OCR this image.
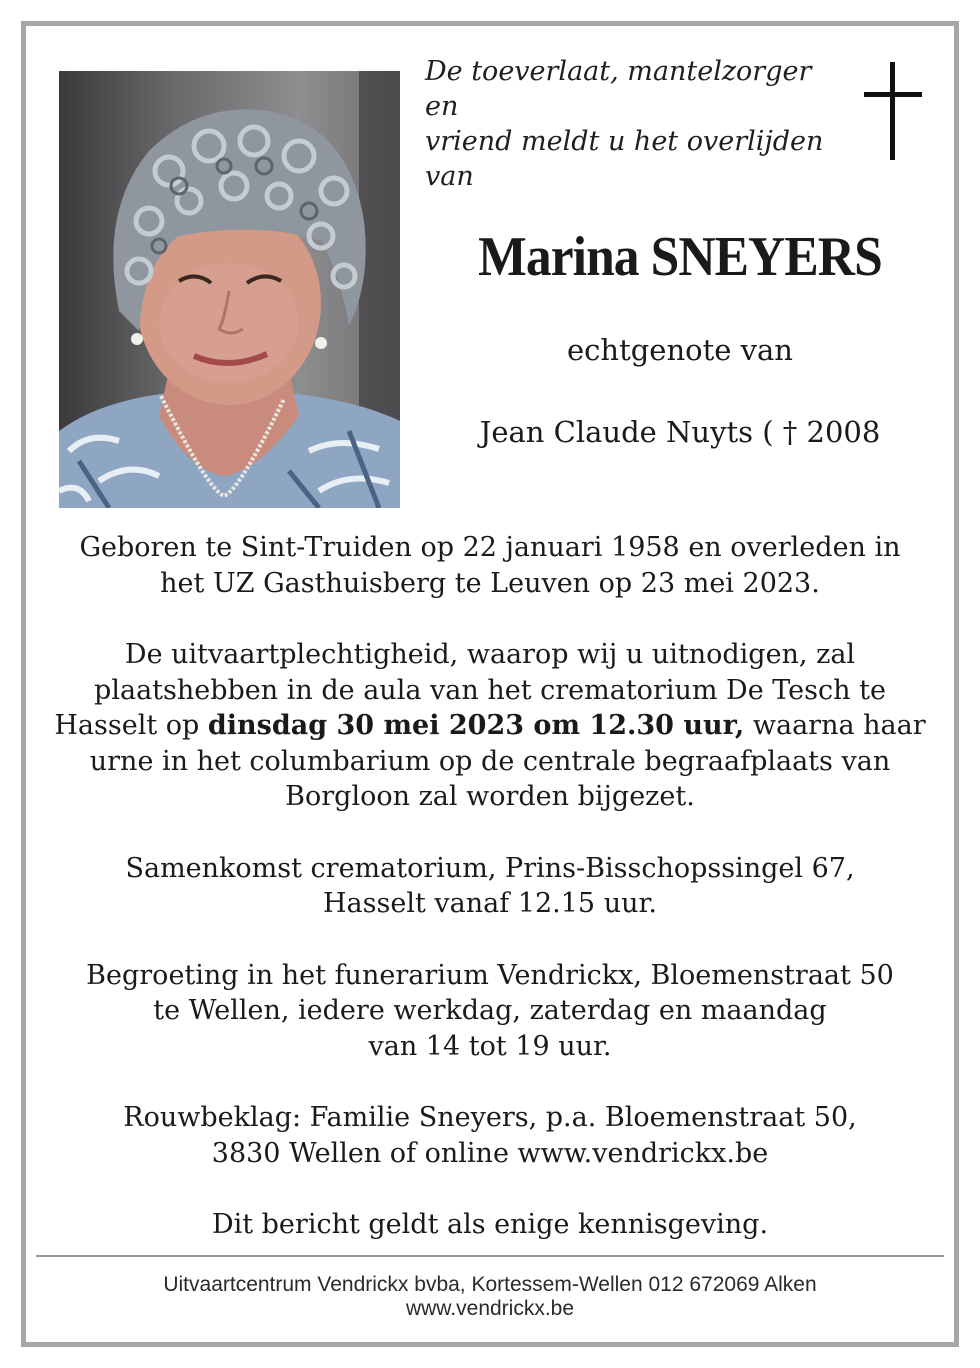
De toeverlaat, mantelzorger en
vriend meldt u het overlijden
van
Marina SNEYERS
echtgenote van
Jean Claude Nuyts ( † 2008

Geboren te Sint-Truiden op 22 januari 1958 en overleden in

het UZ Gasthuisberg te Leuven op 23 mei 2023.

De uitvaartplechtigheid, waarop wij u uitnodigen, zal

plaatshebben in de aula van het crematorium De Tesch te

Hasselt op dinsdag 30 mei 2023 om 12.30 uur, waarna haar

urne in het columbarium op de centrale begraafplaats van

Borgloon zal worden bijgezet.

Samenkomst crematorium, Prins-Bisschopssingel 67,

Hasselt vanaf 12.15 uur.

Begroeting in het funerarium Vendrickx, Bloemenstraat 50

te Wellen, iedere werkdag, zaterdag en maandag

van 14 tot 19 uur.

Rouwbeklag: Familie Sneyers, p.a. Bloemenstraat 50,

3830 Wellen of online www.vendrickx.be

Dit bericht geldt als enige kennisgeving.

Uitvaartcentrum Vendrickx bvba, Kortessem-Wellen 012 672069 Alken
www.vendrickx.be
